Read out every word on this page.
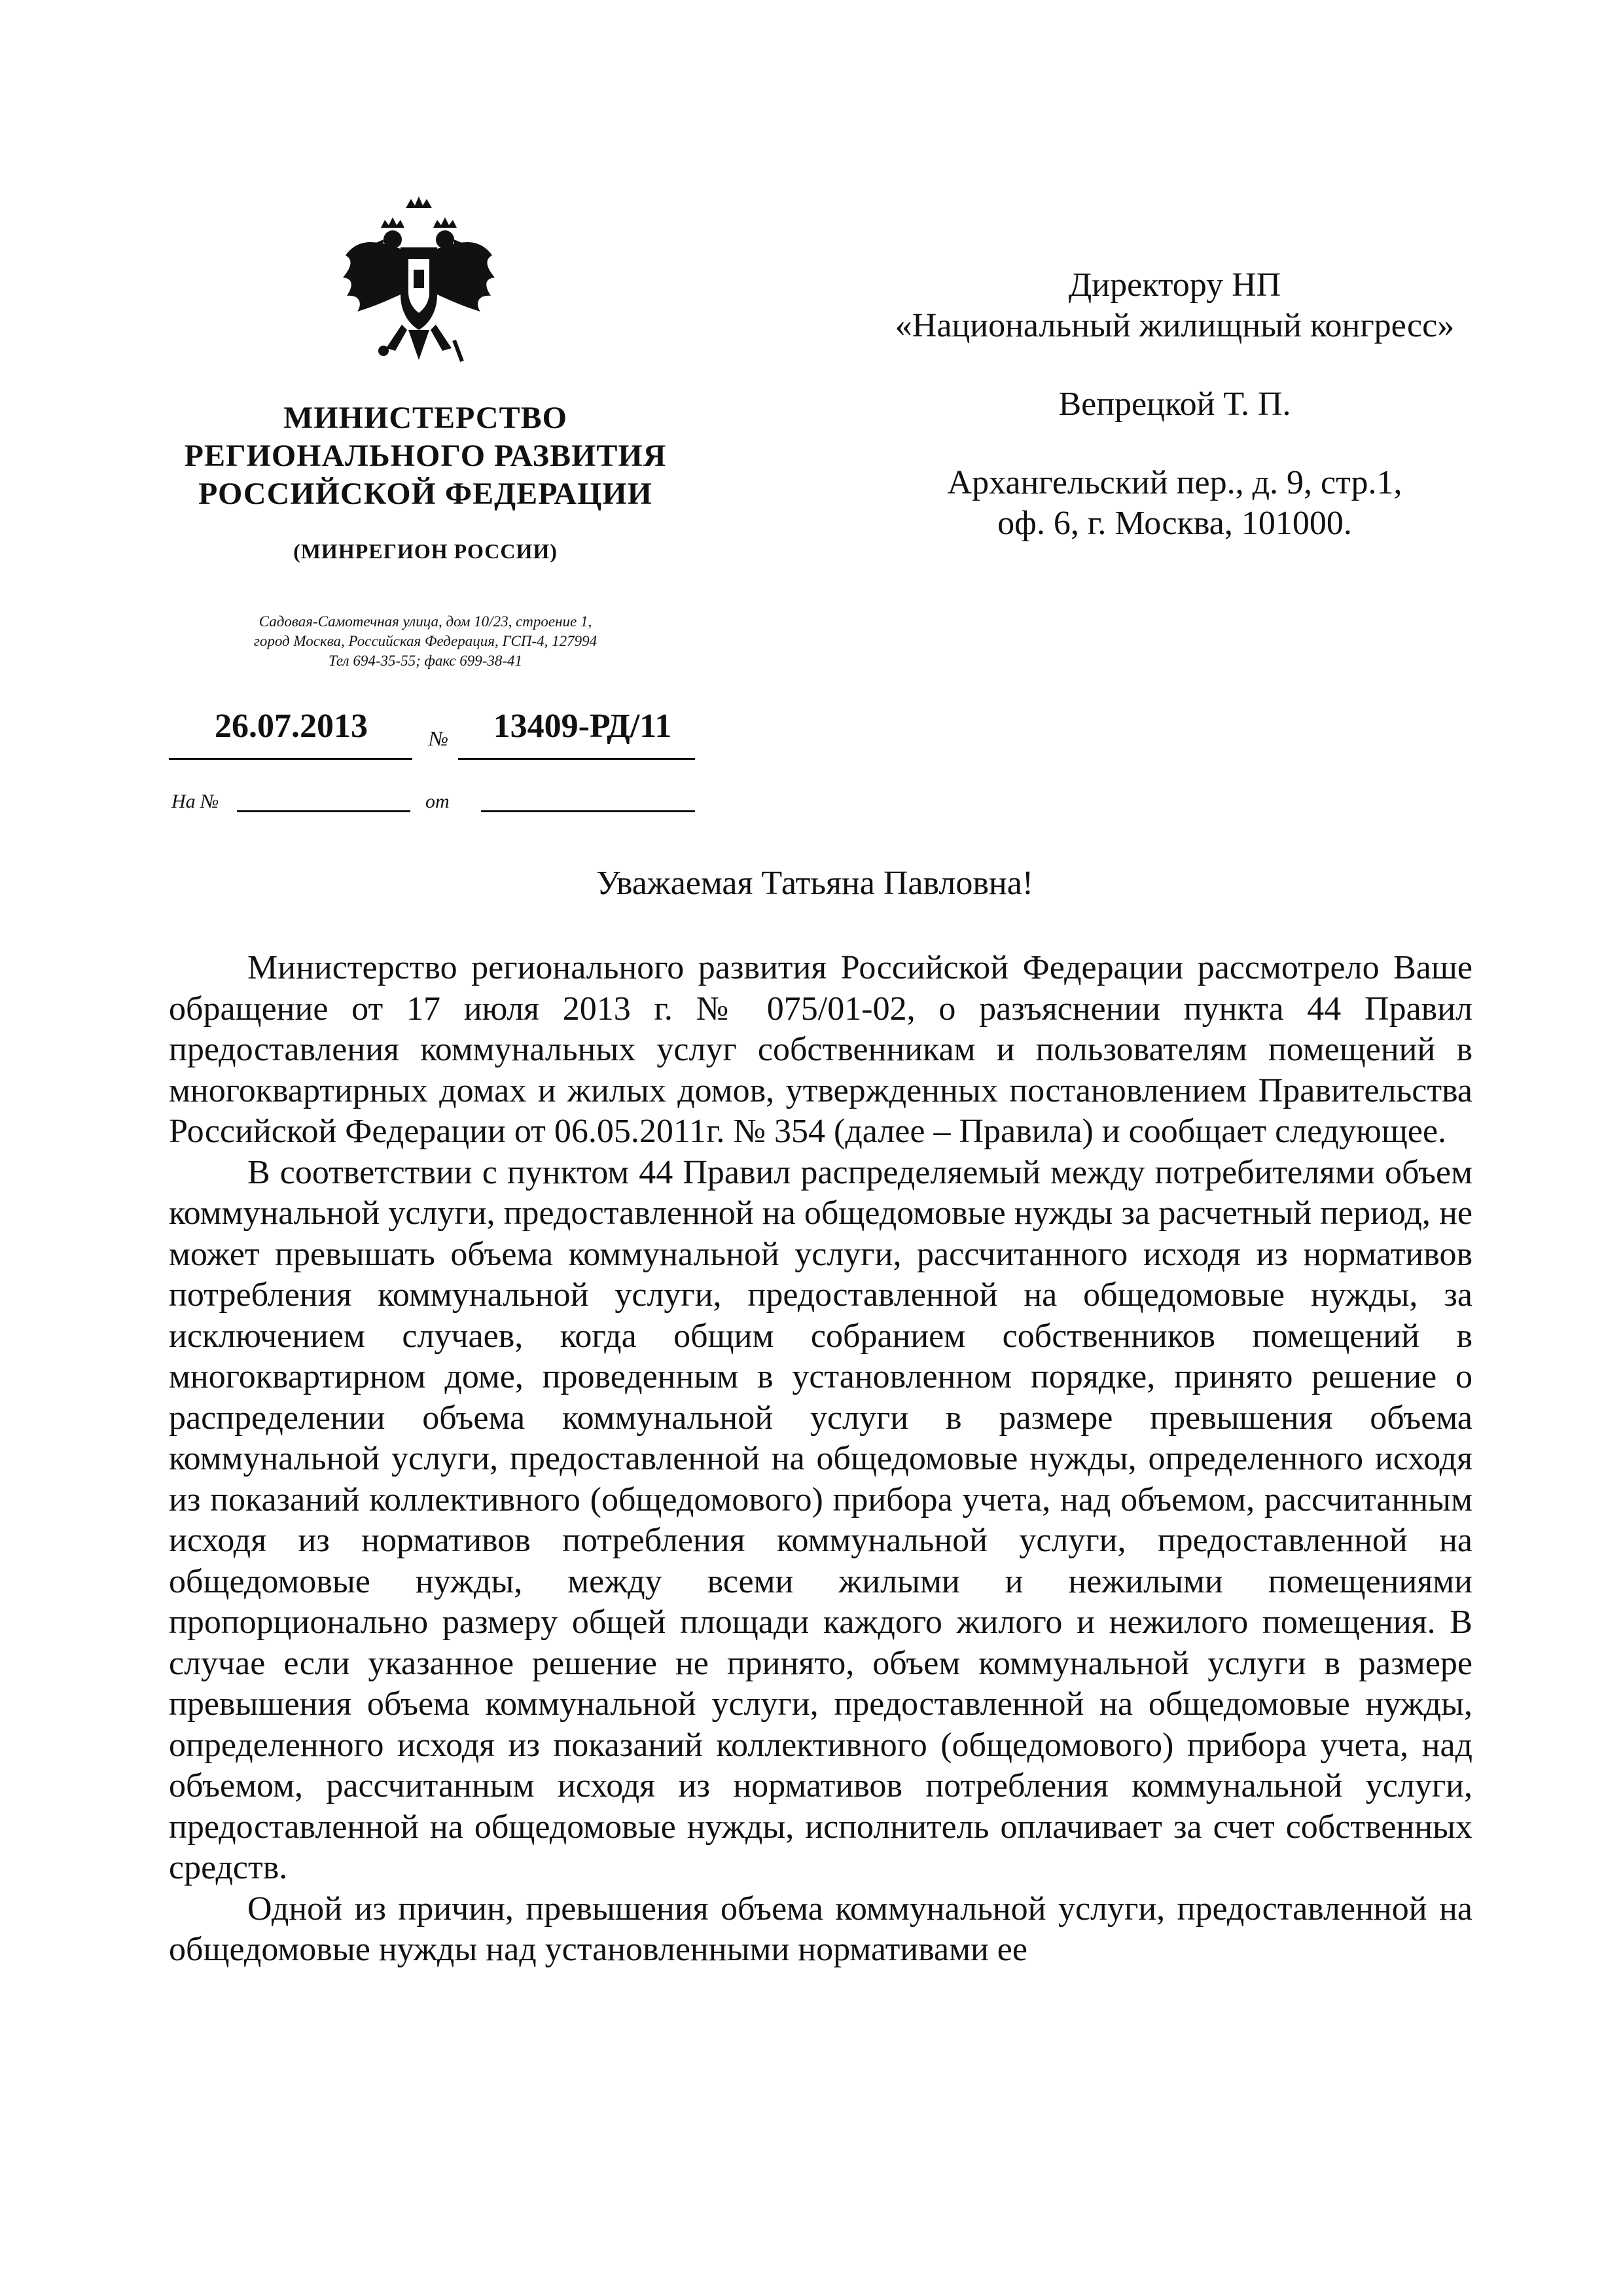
МИНИСТЕРСТВО
РЕГИОНАЛЬНОГО РАЗВИТИЯ
РОССИЙСКОЙ ФЕДЕРАЦИИ
(МИНРЕГИОН РОССИИ)
Садовая-Самотечная улица, дом 10/23, строение 1,
город Москва, Российская Федерация, ГСП-4, 127994
Тел 694-35-55; факс 699-38-41
26.07.2013	№	13409-РД/11
На №	от
Директору НП
«Национальный жилищный конгресс»
Вепрецкой Т. П.
Архангельский пер., д. 9, стр.1,
оф. 6, г. Москва, 101000.
Уважаемая Татьяна Павловна!

Министерство регионального развития Российской Федерации рассмотрело Ваше обращение от 17 июля 2013 г. № 075/01-02, о разъяснении пункта 44 Правил предоставления коммунальных услуг собственникам и пользователям помещений в многоквартирных домах и жилых домов, утвержденных постановлением Правительства Российской Федерации от 06.05.2011г. № 354 (далее – Правила) и сообщает следующее.

В соответствии с пунктом 44 Правил распределяемый между потребителями объем коммунальной услуги, предоставленной на общедомовые нужды за расчетный период, не может превышать объема коммунальной услуги, рассчитанного исходя из нормативов потребления коммунальной услуги, предоставленной на общедомовые нужды, за исключением случаев, когда общим собранием собственников помещений в многоквартирном доме, проведенным в установленном порядке, принято решение о распределении объема коммунальной услуги в размере превышения объема коммунальной услуги, предоставленной на общедомовые нужды, определенного исходя из показаний коллективного (общедомового) прибора учета, над объемом, рассчитанным исходя из нормативов потребления коммунальной услуги, предоставленной на общедомовые нужды, между всеми жилыми и нежилыми помещениями пропорционально размеру общей площади каждого жилого и нежилого помещения. В случае если указанное решение не принято, объем коммунальной услуги в размере превышения объема коммунальной услуги, предоставленной на общедомовые нужды, определенного исходя из показаний коллективного (общедомового) прибора учета, над объемом, рассчитанным исходя из нормативов потребления коммунальной услуги, предоставленной на общедомовые нужды, исполнитель оплачивает за счет собственных средств.

Одной из причин, превышения объема коммунальной услуги, предоставленной на общедомовые нужды над установленными нормативами ее
